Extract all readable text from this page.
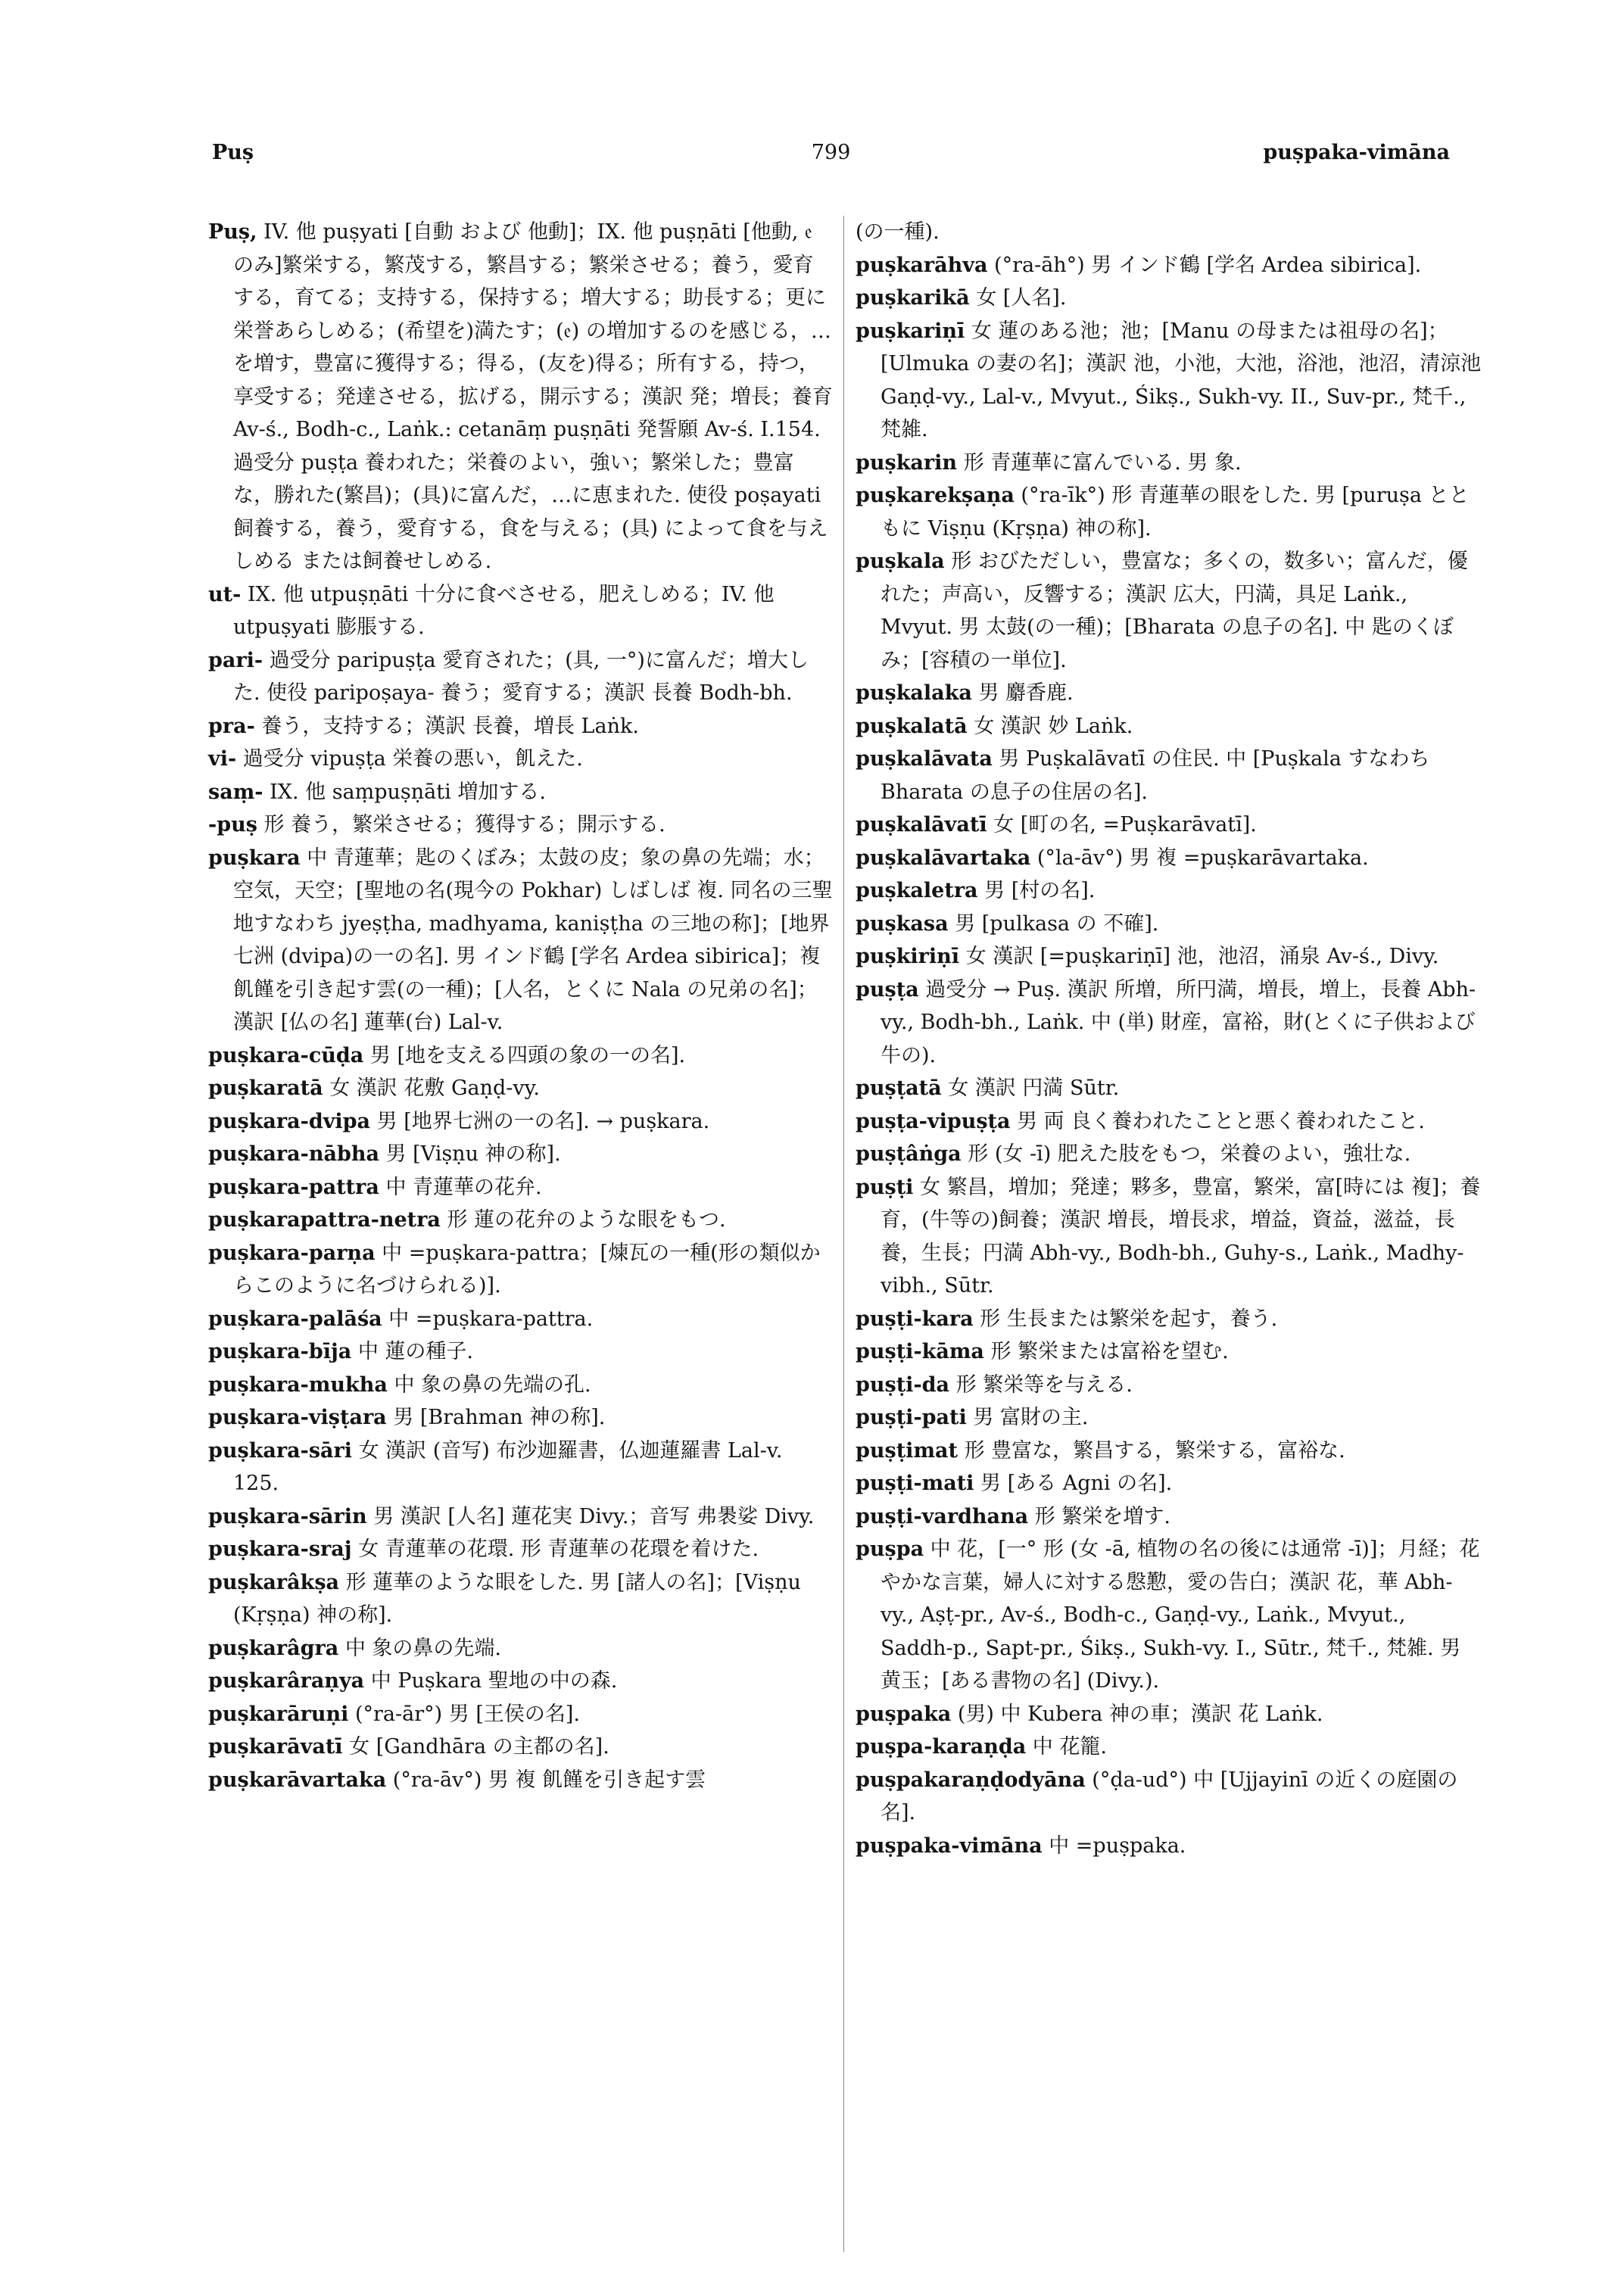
Puṣ	799	puṣpaka-vimāna

Puṣ, IV. 他 puṣyati [自動 および 他動]；IX. 他 puṣṇāti [他動, 𝔢 のみ]繁栄する，繁茂する，繁昌する；繁栄させる；養う，愛育する，育てる；支持する，保持する；増大する；助長する；更に栄誉あらしめる；(希望を)満たす；(𝔢) の増加するのを感じる，…を増す，豊富に獲得する；得る，(友を)得る；所有する，持つ，享受する；発達させる，拡げる，開示する；漢訳 発；増長；養育 Av-ś., Bodh-c., Laṅk.: cetanāṃ puṣṇāti 発誓願 Av-ś. I.154. 過受分 puṣṭa 養われた；栄養のよい，強い；繁栄した；豊富な，勝れた(繁昌)；(具)に富んだ，…に恵まれた. 使役 poṣayati 飼養する，養う，愛育する，食を与える；(具) によって食を与えしめる または飼養せしめる.

ut- IX. 他 utpuṣṇāti 十分に食べさせる，肥えしめる；IV. 他 utpuṣyati 膨脹する.

pari- 過受分 paripuṣṭa 愛育された；(具, 一°)に富んだ；増大した. 使役 paripoṣaya- 養う；愛育する；漢訳 長養 Bodh-bh.

pra- 養う，支持する；漢訳 長養，増長 Laṅk.

vi- 過受分 vipuṣṭa 栄養の悪い，飢えた.

saṃ- IX. 他 saṃpuṣṇāti 増加する.

-puṣ 形 養う，繁栄させる；獲得する；開示する.

puṣkara 中 青蓮華；匙のくぼみ；太鼓の皮；象の鼻の先端；水；空気，天空；[聖地の名(現今の Pokhar) しばしば 複. 同名の三聖地すなわち jyeṣṭha, madhyama, kaniṣṭha の三地の称]；[地界七洲 (dvipa)の一の名]. 男 インド鶴 [学名 Ardea sibirica]；複 飢饉を引き起す雲(の一種)；[人名，とくに Nala の兄弟の名]；漢訳 [仏の名] 蓮華(台) Lal-v.

puṣkara-cūḍa 男 [地を支える四頭の象の一の名].

puṣkaratā 女 漢訳 花敷 Gaṇḍ-vy.

puṣkara-dvipa 男 [地界七洲の一の名]. → puṣkara.

puṣkara-nābha 男 [Viṣṇu 神の称].

puṣkara-pattra 中 青蓮華の花弁.

puṣkarapattra-netra 形 蓮の花弁のような眼をもつ.

puṣkara-parṇa 中 =puṣkara-pattra；[煉瓦の一種(形の類似からこのように名づけられる)].

puṣkara-palāśa 中 =puṣkara-pattra.

puṣkara-bīja 中 蓮の種子.

puṣkara-mukha 中 象の鼻の先端の孔.

puṣkara-viṣṭara 男 [Brahman 神の称].

puṣkara-sāri 女 漢訳 (音写) 布沙迦羅書，仏迦蓮羅書 Lal-v. 125.

puṣkara-sārin 男 漢訳 [人名] 蓮花実 Divy.；音写 弗褁娑 Divy.

puṣkara-sraj 女 青蓮華の花環. 形 青蓮華の花環を着けた.

puṣkarâkṣa 形 蓮華のような眼をした. 男 [諸人の名]；[Viṣṇu (Kṛṣṇa) 神の称].

puṣkarâgra 中 象の鼻の先端.

puṣkarâraṇya 中 Puṣkara 聖地の中の森.

puṣkarāruṇi (°ra-ār°) 男 [王侯の名].

puṣkarāvatī 女 [Gandhāra の主都の名].

puṣkarāvartaka (°ra-āv°) 男 複 飢饉を引き起す雲

(の一種).

puṣkarāhva (°ra-āh°) 男 インド鶴 [学名 Ardea sibirica].

puṣkarikā 女 [人名].

puṣkariṇī 女 蓮のある池；池；[Manu の母または祖母の名]；[Ulmuka の妻の名]；漢訳 池，小池，大池，浴池，池沼，清涼池 Gaṇḍ-vy., Lal-v., Mvyut., Śikṣ., Sukh-vy. II., Suv-pr., 梵千., 梵雑.

puṣkarin 形 青蓮華に富んでいる. 男 象.

puṣkarekṣaṇa (°ra-īk°) 形 青蓮華の眼をした. 男 [puruṣa とともに Viṣṇu (Kṛṣṇa) 神の称].

puṣkala 形 おびただしい，豊富な；多くの，数多い；富んだ，優れた；声高い，反響する；漢訳 広大，円満，具足 Laṅk., Mvyut. 男 太鼓(の一種)；[Bharata の息子の名]. 中 匙のくぼみ；[容積の一単位].

puṣkalaka 男 麝香鹿.

puṣkalatā 女 漢訳 妙 Laṅk.

puṣkalāvata 男 Puṣkalāvatī の住民. 中 [Puṣkala すなわち Bharata の息子の住居の名].

puṣkalāvatī 女 [町の名, =Puṣkarāvatī].

puṣkalāvartaka (°la-āv°) 男 複 =puṣkarāvartaka.

puṣkaletra 男 [村の名].

puṣkasa 男 [pulkasa の 不確].

puṣkiriṇī 女 漢訳 [=puṣkariṇī] 池，池沼，涌泉 Av-ś., Divy.

puṣṭa 過受分 → Puṣ. 漢訳 所増，所円満，増長，増上，長養 Abh-vy., Bodh-bh., Laṅk. 中 (単) 財産，富裕，財(とくに子供および牛の).

puṣṭatā 女 漢訳 円満 Sūtr.

puṣṭa-vipuṣṭa 男 両 良く養われたことと悪く養われたこと.

puṣṭâṅga 形 (女 -ī) 肥えた肢をもつ，栄養のよい，強壮な.

puṣṭi 女 繁昌，増加；発達；夥多，豊富，繁栄，富[時には 複]；養育，(牛等の)飼養；漢訳 増長，増長求，増益，資益，滋益，長養，生長；円満 Abh-vy., Bodh-bh., Guhy-s., Laṅk., Madhy-vibh., Sūtr.

puṣṭi-kara 形 生長または繁栄を起す，養う.

puṣṭi-kāma 形 繁栄または富裕を望む.

puṣṭi-da 形 繁栄等を与える.

puṣṭi-pati 男 富財の主.

puṣṭimat 形 豊富な，繁昌する，繁栄する，富裕な.

puṣṭi-mati 男 [ある Agni の名].

puṣṭi-vardhana 形 繁栄を増す.

puṣpa 中 花，[一° 形 (女 -ā, 植物の名の後には通常 -ī)]；月経；花やかな言葉，婦人に対する慇懃，愛の告白；漢訳 花，華 Abh-vy., Aṣṭ-pr., Av-ś., Bodh-c., Gaṇḍ-vy., Laṅk., Mvyut., Saddh-p., Sapt-pr., Śikṣ., Sukh-vy. I., Sūtr., 梵千., 梵雑. 男 黄玉；[ある書物の名] (Divy.).

puṣpaka (男) 中 Kubera 神の車；漢訳 花 Laṅk.

puṣpa-karaṇḍa 中 花籠.

puṣpakaraṇḍodyāna (°ḍa-ud°) 中 [Ujjayinī の近くの庭園の名].

puṣpaka-vimāna 中 =puṣpaka.
